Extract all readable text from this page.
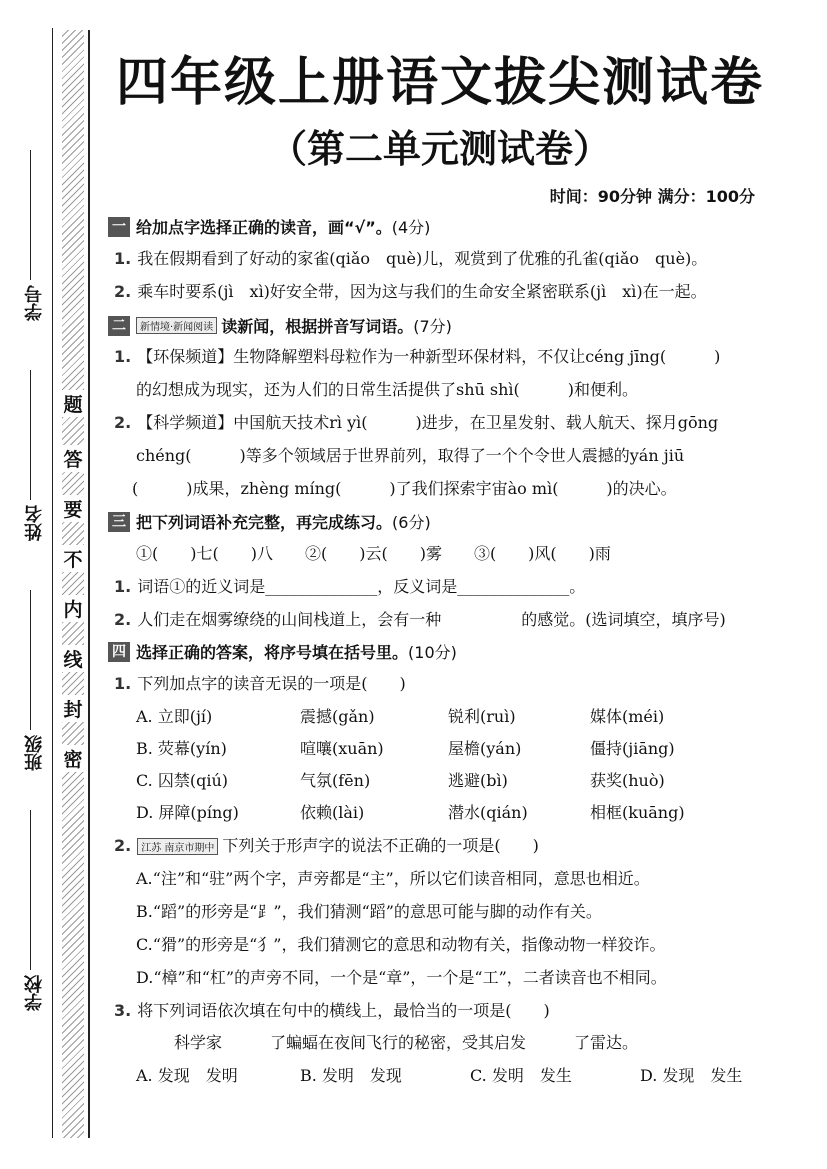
学号
姓名
班级
学校
密
封
线
内
不
要
答
题
四年级上册语文拔尖测试卷
（第二单元测试卷）
时间：90分钟 满分：100分
一 给加点字选择正确的读音，画“√”。 (4分)
1. 我在假期看到了好动的家雀(qiǎo　què)儿，观赏到了优雅的孔雀(qiǎo　què)。
2. 乘车时要系(jì　xì)好安全带，因为这与我们的生命安全紧密联系(jì　xì)在一起。
二	新情境·新闻阅读 读新闻，根据拼音写词语。 (7分)
1. 【环保频道】生物降解塑料母粒作为一种新型环保材料，不仅让céng jīng(　　　)
的幻想成为现实，还为人们的日常生活提供了shū shì(　　　)和便利。
2. 【科学频道】中国航天技术rì yì(　　　)进步，在卫星发射、载人航天、探月gōng
chéng(　　　)等多个领域居于世界前列，取得了一个个令世人震撼的yán jiū
(　　　)成果，zhèng míng(　　　)了我们探索宇宙ào mì(　　　)的决心。
三 把下列词语补充完整，再完成练习。 (6分)
①(　　)七(　　)八　　②(　　)云(　　)雾　　③(　　)风(　　)雨
1. 词语①的近义词是______________，反义词是______________。
2. 人们走在烟雾缭绕的山间栈道上，会有一种　　　　　的感觉。(选词填空，填序号)
四 选择正确的答案，将序号填在括号里。 (10分)
1. 下列加点字的读音无误的一项是(　　)
A. 立即(jí)	震撼(gǎn)	锐利(ruì)	媒体(méi)
B. 荧幕(yín)	喧嚷(xuān)	屋檐(yán)	僵持(jiāng)
C. 囚禁(qiú)	气氛(fēn)	逃避(bì)	获奖(huò)
D. 屏障(píng)	依赖(lài)	潜水(qián)	相框(kuāng)
2. 江苏 南京市期中 下列关于形声字的说法不正确的一项是(　　)
A.“注”和“驻”两个字，声旁都是“主”，所以它们读音相同，意思也相近。
B.“蹈”的形旁是“⻊”，我们猜测“蹈”的意思可能与脚的动作有关。
C.“猾”的形旁是“犭”，我们猜测它的意思和动物有关，指像动物一样狡诈。
D.“樟”和“杠”的声旁不同，一个是“章”，一个是“工”，二者读音也不相同。
3. 将下列词语依次填在句中的横线上，最恰当的一项是(　　)
科学家　　　了蝙蝠在夜间飞行的秘密，受其启发　　　了雷达。
A. 发现　发明	B. 发明　发现	C. 发明　发生	D. 发现　发生
